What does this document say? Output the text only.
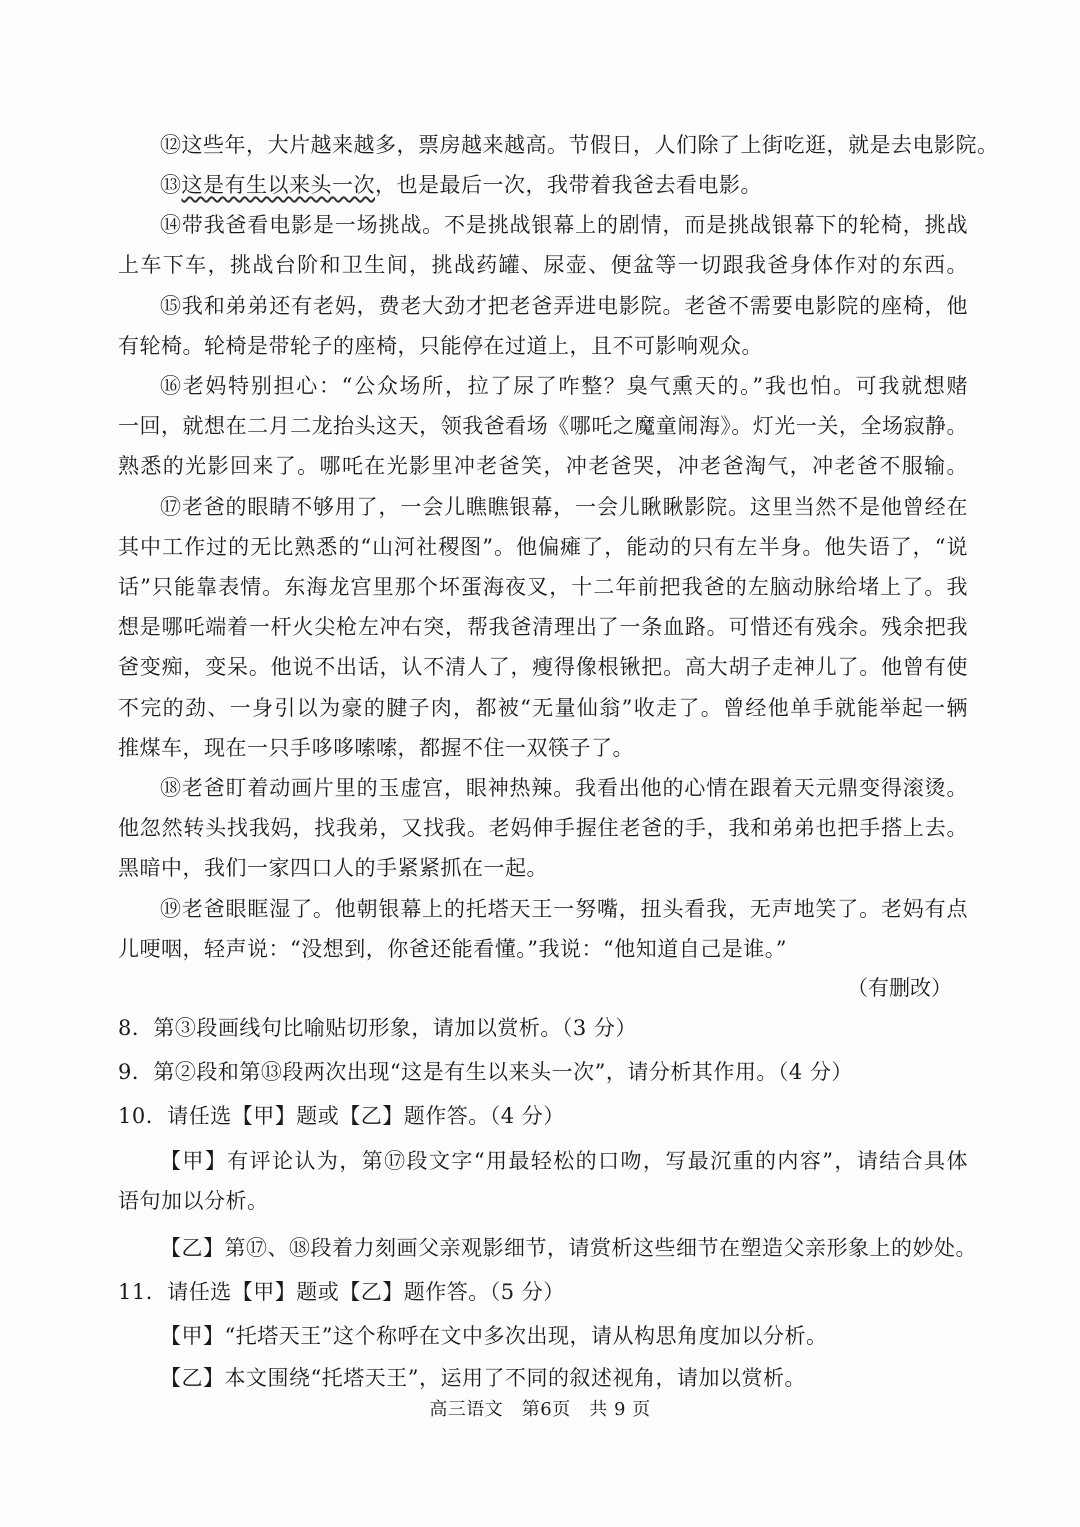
⑫这些年，大片越来越多，票房越来越高。节假日，人们除了上街吃逛，就是去电影院。
⑬这是有生以来头一次，也是最后一次，我带着我爸去看电影。
⑭带我爸看电影是一场挑战。不是挑战银幕上的剧情，而是挑战银幕下的轮椅，挑战
上车下车，挑战台阶和卫生间，挑战药罐、尿壶、便盆等一切跟我爸身体作对的东西。
⑮我和弟弟还有老妈，费老大劲才把老爸弄进电影院。老爸不需要电影院的座椅，他
有轮椅。轮椅是带轮子的座椅，只能停在过道上，且不可影响观众。
⑯老妈特别担心：“公众场所，拉了尿了咋整？臭气熏天的。”我也怕。可我就想赌
一回，就想在二月二龙抬头这天，领我爸看场《哪吒之魔童闹海》。灯光一关，全场寂静。
熟悉的光影回来了。哪吒在光影里冲老爸笑，冲老爸哭，冲老爸淘气，冲老爸不服输。
⑰老爸的眼睛不够用了，一会儿瞧瞧银幕，一会儿瞅瞅影院。这里当然不是他曾经在
其中工作过的无比熟悉的“山河社稷图”。他偏瘫了，能动的只有左半身。他失语了，“说
话”只能靠表情。东海龙宫里那个坏蛋海夜叉，十二年前把我爸的左脑动脉给堵上了。我
想是哪吒端着一杆火尖枪左冲右突，帮我爸清理出了一条血路。可惜还有残余。残余把我
爸变痴，变呆。他说不出话，认不清人了，瘦得像根锹把。高大胡子走神儿了。他曾有使
不完的劲、一身引以为豪的腱子肉，都被“无量仙翁”收走了。曾经他单手就能举起一辆
推煤车，现在一只手哆哆嗦嗦，都握不住一双筷子了。
⑱老爸盯着动画片里的玉虚宫，眼神热辣。我看出他的心情在跟着天元鼎变得滚烫。
他忽然转头找我妈，找我弟，又找我。老妈伸手握住老爸的手，我和弟弟也把手搭上去。
黑暗中，我们一家四口人的手紧紧抓在一起。
⑲老爸眼眶湿了。他朝银幕上的托塔天王一努嘴，扭头看我，无声地笑了。老妈有点
儿哽咽，轻声说：“没想到，你爸还能看懂。”我说：“他知道自己是谁。”
（有删改）
8．第③段画线句比喻贴切形象，请加以赏析。（3 分）
9．第②段和第⑬段两次出现“这是有生以来头一次”，请分析其作用。（4 分）
10．请任选【甲】题或【乙】题作答。（4 分）
【甲】有评论认为，第⑰段文字“用最轻松的口吻，写最沉重的内容”，请结合具体
语句加以分析。
【乙】第⑰、⑱段着力刻画父亲观影细节，请赏析这些细节在塑造父亲形象上的妙处。
11．请任选【甲】题或【乙】题作答。（5 分）
【甲】“托塔天王”这个称呼在文中多次出现，请从构思角度加以分析。
【乙】本文围绕“托塔天王”，运用了不同的叙述视角，请加以赏析。
高三语文　第6页　共 9 页
